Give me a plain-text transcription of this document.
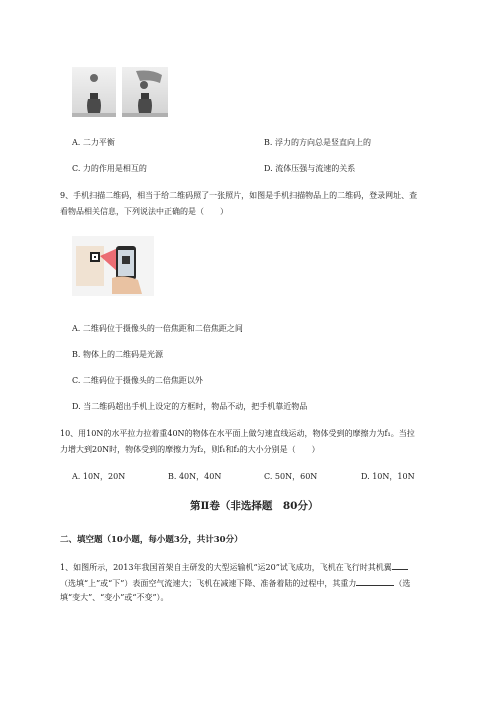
A. 二力平衡	B. 浮力的方向总是竖直向上的
C. 力的作用是相互的	D. 流体压强与流速的关系
9、手机扫描二维码，相当于给二维码照了一张照片，如图是手机扫描物品上的二维码，登录网址、查
看物品相关信息，下列说法中正确的是（　　）
A. 二维码位于摄像头的一倍焦距和二倍焦距之间
B. 物体上的二维码是光源
C. 二维码位于摄像头的二倍焦距以外
D. 当二维码超出手机上设定的方框时，物品不动，把手机靠近物品
10、用10N的水平拉力拉着重40N的物体在水平面上做匀速直线运动，物体受到的摩擦力为f₁。当拉
力增大到20N时，物体受到的摩擦力为f₂，则f₁和f₂的大小分别是（　　）
A. 10N，20N	B. 40N，40N	C. 50N，60N	D. 10N，10N
第Ⅱ卷（非选择题　80分）
二、填空题（10小题，每小题3分，共计30分）
1、如图所示，2013年我国首架自主研发的大型运输机“运20”试飞成功，飞机在飞行时其机翼
（选填“上”或“下”）表面空气流速大；飞机在减速下降、准备着陆的过程中，其重力	（选
填“变大”、“变小”或“不变”）。
